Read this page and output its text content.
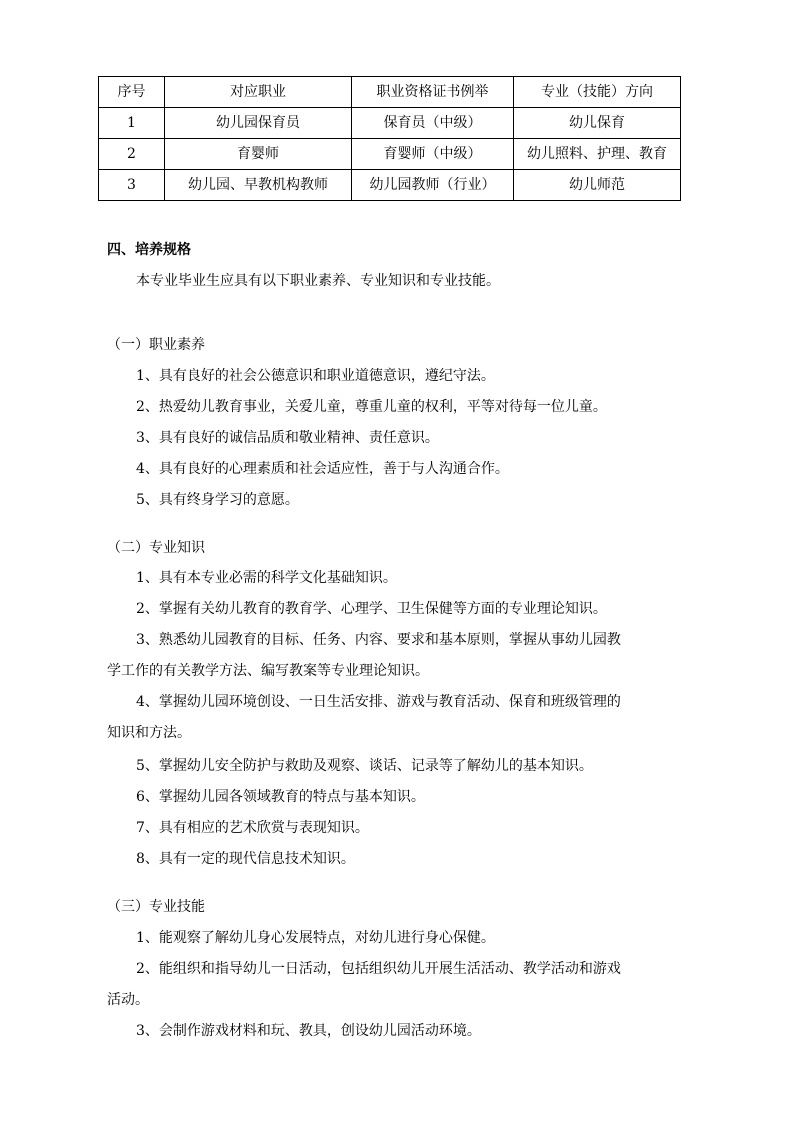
序号	对应职业	职业资格证书例举	专业（技能）方向
1	幼儿园保育员	保育员（中级）	幼儿保育
2	育婴师	育婴师（中级）	幼儿照料、护理、教育
3	幼儿园、早教机构教师	幼儿园教师（行业）	幼儿师范
四、培养规格
本专业毕业生应具有以下职业素养、专业知识和专业技能。
（一）职业素养
1、具有良好的社会公德意识和职业道德意识，遵纪守法。
2、热爱幼儿教育事业，关爱儿童，尊重儿童的权利，平等对待每一位儿童。
3、具有良好的诚信品质和敬业精神、责任意识。
4、具有良好的心理素质和社会适应性，善于与人沟通合作。
5、具有终身学习的意愿。
（二）专业知识
1、具有本专业必需的科学文化基础知识。
2、掌握有关幼儿教育的教育学、心理学、卫生保健等方面的专业理论知识。
3、熟悉幼儿园教育的目标、任务、内容、要求和基本原则，掌握从事幼儿园教
学工作的有关教学方法、编写教案等专业理论知识。
4、掌握幼儿园环境创设、一日生活安排、游戏与教育活动、保育和班级管理的
知识和方法。
5、掌握幼儿安全防护与救助及观察、谈话、记录等了解幼儿的基本知识。
6、掌握幼儿园各领域教育的特点与基本知识。
7、具有相应的艺术欣赏与表现知识。
8、具有一定的现代信息技术知识。
（三）专业技能
1、能观察了解幼儿身心发展特点，对幼儿进行身心保健。
2、能组织和指导幼儿一日活动，包括组织幼儿开展生活活动、教学活动和游戏
活动。
3、会制作游戏材料和玩、教具，创设幼儿园活动环境。
